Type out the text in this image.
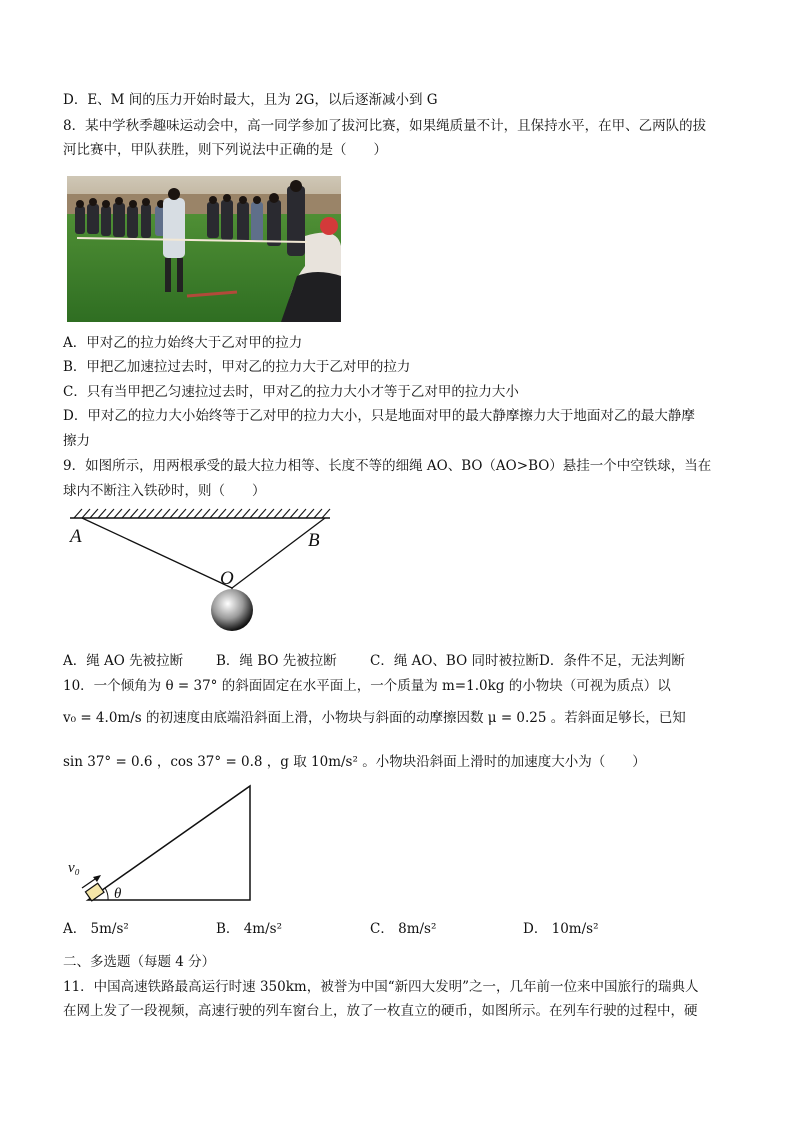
D．E、M 间的压力开始时最大，且为 2G，以后逐渐减小到 G
8．某中学秋季趣味运动会中，高一同学参加了拔河比赛，如果绳质量不计，且保持水平，在甲、乙两队的拔
河比赛中，甲队获胜，则下列说法中正确的是（　　）
A．甲对乙的拉力始终大于乙对甲的拉力
B．甲把乙加速拉过去时，甲对乙的拉力大于乙对甲的拉力
C．只有当甲把乙匀速拉过去时，甲对乙的拉力大小才等于乙对甲的拉力大小
D．甲对乙的拉力大小始终等于乙对甲的拉力大小，只是地面对甲的最大静摩擦力大于地面对乙的最大静摩
擦力
9．如图所示，用两根承受的最大拉力相等、长度不等的细绳 AO、BO（AO>BO）悬挂一个中空铁球，当在
球内不断注入铁砂时，则（　　）
A	B
O
A．绳 AO 先被拉断 B．绳 BO 先被拉断 C．绳 AO、BO 同时被拉断 D．条件不足，无法判断
10．一个倾角为 θ = 37° 的斜面固定在水平面上，一个质量为 m=1.0kg 的小物块（可视为质点）以
v₀ = 4.0m/s 的初速度由底端沿斜面上滑，小物块与斜面的动摩擦因数 μ = 0.25 。若斜面足够长，已知
sin 37° = 0.6 ，cos 37° = 0.8 ，g 取 10m/s² 。小物块沿斜面上滑时的加速度大小为（　　）
v₀
θ
A． 5m/s²	B． 4m/s²	C． 8m/s²	D． 10m/s²
二、多选题（每题 4 分）
11．中国高速铁路最高运行时速 350km，被誉为中国“新四大发明”之一，几年前一位来中国旅行的瑞典人
在网上发了一段视频，高速行驶的列车窗台上，放了一枚直立的硬币，如图所示。在列车行驶的过程中，硬
